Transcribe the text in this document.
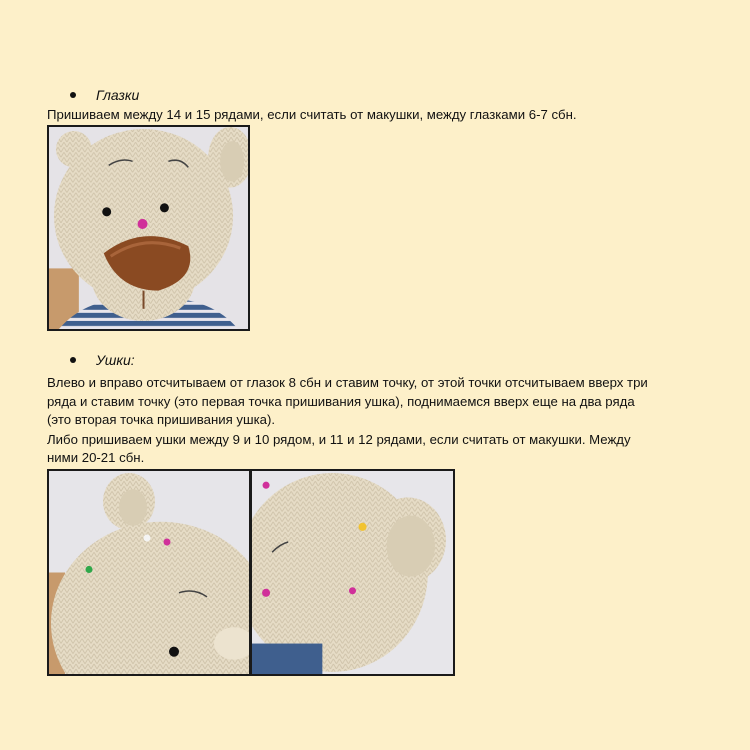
Глазки
Пришиваем между 14 и 15 рядами, если считать от макушки, между глазками 6-7 сбн.
Ушки:
Влево и вправо отсчитываем от глазок 8 сбн и ставим точку, от этой точки отсчитываем вверх три
ряда и ставим точку (это первая точка пришивания ушка), поднимаемся вверх еще на два ряда
(это вторая точка пришивания ушка).
Либо пришиваем ушки между 9 и 10 рядом, и 11 и 12 рядами, если считать от макушки. Между
ними 20-21 сбн.
